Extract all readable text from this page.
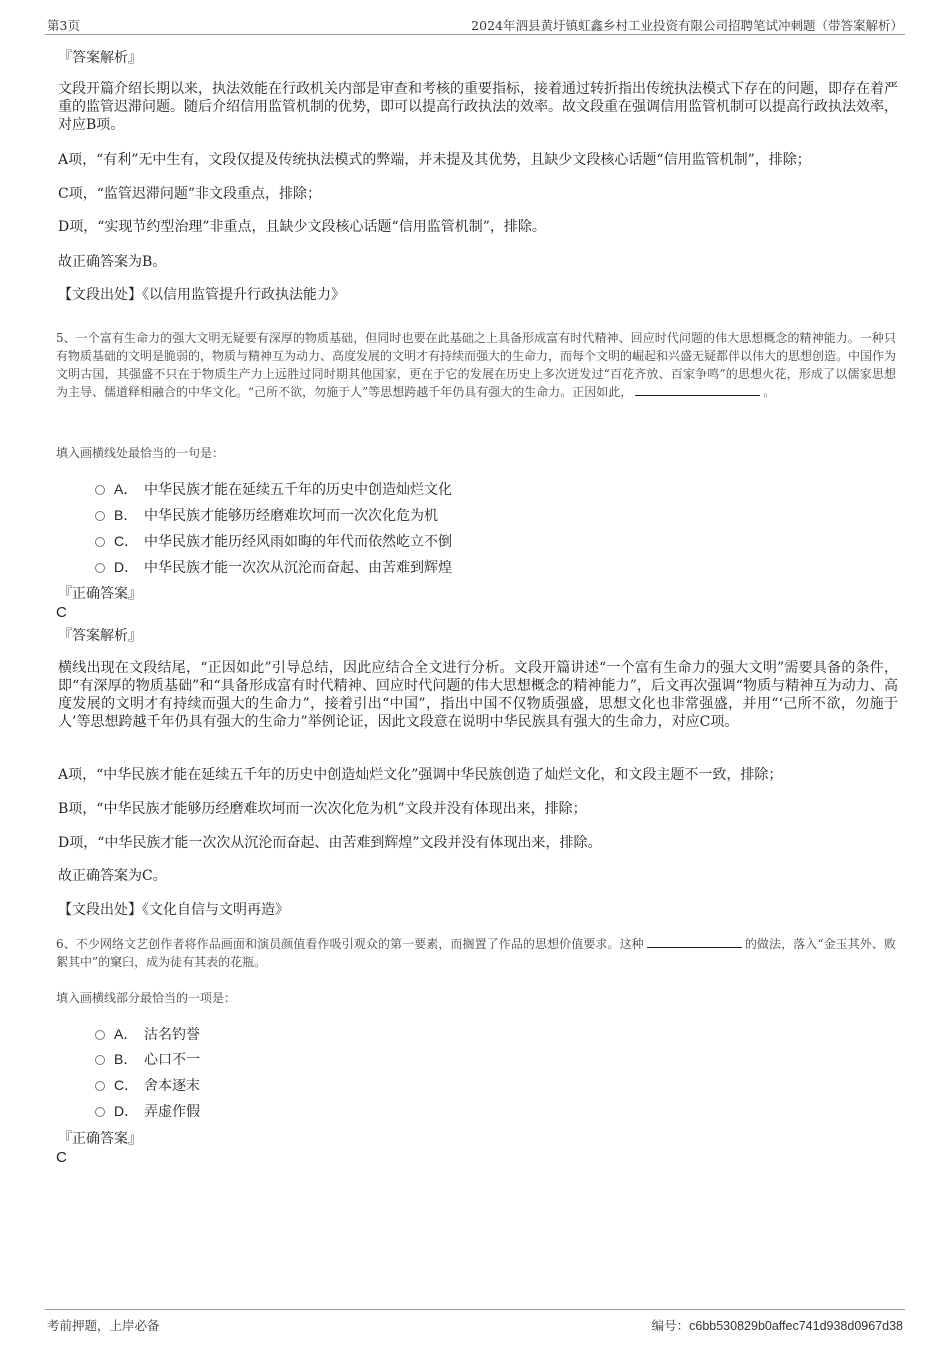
第3页	2024年泗县黄圩镇虹鑫乡村工业投资有限公司招聘笔试冲刺题（带答案解析）
『答案解析』

文段开篇介绍长期以来，执法效能在行政机关内部是审查和考核的重要指标，接着通过转折指出传统执法模式下存在的问题，即存在着严重的监管迟滞问题。随后介绍信用监管机制的优势，即可以提高行政执法的效率。故文段重在强调信用监管机制可以提高行政执法效率，对应B项。

A项，“有利”无中生有，文段仅提及传统执法模式的弊端，并未提及其优势，且缺少文段核心话题“信用监管机制”，排除；

C项，“监管迟滞问题”非文段重点，排除；

D项，“实现节约型治理”非重点，且缺少文段核心话题“信用监管机制”，排除。

故正确答案为B。

【文段出处】《以信用监管提升行政执法能力》

5、一个富有生命力的强大文明无疑要有深厚的物质基础，但同时也要在此基础之上具备形成富有时代精神、回应时代问题的伟大思想概念的精神能力。一种只有物质基础的文明是脆弱的，物质与精神互为动力、高度发展的文明才有持续而强大的生命力，而每个文明的崛起和兴盛无疑都伴以伟大的思想创造。中国作为文明古国，其强盛不只在于物质生产力上远胜过同时期其他国家，更在于它的发展在历史上多次迸发过“百花齐放、百家争鸣”的思想火花，形成了以儒家思想为主导、儒道释相融合的中华文化。“己所不欲，勿施于人”等思想跨越千年仍具有强大的生命力。正因如此，	。

填入画横线处最恰当的一句是：

A． 中华民族才能在延续五千年的历史中创造灿烂文化
B． 中华民族才能够历经磨难坎坷而一次次化危为机
C． 中华民族才能历经风雨如晦的年代而依然屹立不倒
D． 中华民族才能一次次从沉沦而奋起、由苦难到辉煌
『正确答案』
C
『答案解析』

横线出现在文段结尾，“正因如此”引导总结，因此应结合全文进行分析。文段开篇讲述“一个富有生命力的强大文明”需要具备的条件，即“有深厚的物质基础”和“具备形成富有时代精神、回应时代问题的伟大思想概念的精神能力”，后文再次强调“物质与精神互为动力、高度发展的文明才有持续而强大的生命力”，接着引出“中国”，指出中国不仅物质强盛，思想文化也非常强盛，并用“‘己所不欲，勿施于人’等思想跨越千年仍具有强大的生命力”举例论证，因此文段意在说明中华民族具有强大的生命力，对应C项。

A项，“中华民族才能在延续五千年的历史中创造灿烂文化”强调中华民族创造了灿烂文化，和文段主题不一致，排除；

B项，“中华民族才能够历经磨难坎坷而一次次化危为机”文段并没有体现出来，排除；

D项，“中华民族才能一次次从沉沦而奋起、由苦难到辉煌”文段并没有体现出来，排除。

故正确答案为C。

【文段出处】《文化自信与文明再造》

6、不少网络文艺创作者将作品画面和演员颜值看作吸引观众的第一要素，而搁置了作品的思想价值要求。这种	的做法，落入“金玉其外、败絮其中”的窠臼，成为徒有其表的花瓶。

填入画横线部分最恰当的一项是：

A． 沽名钓誉
B． 心口不一
C． 舍本逐末
D． 弄虚作假
『正确答案』
C
考前押题，上岸必备	编号：c6bb530829b0affec741d938d0967d38
